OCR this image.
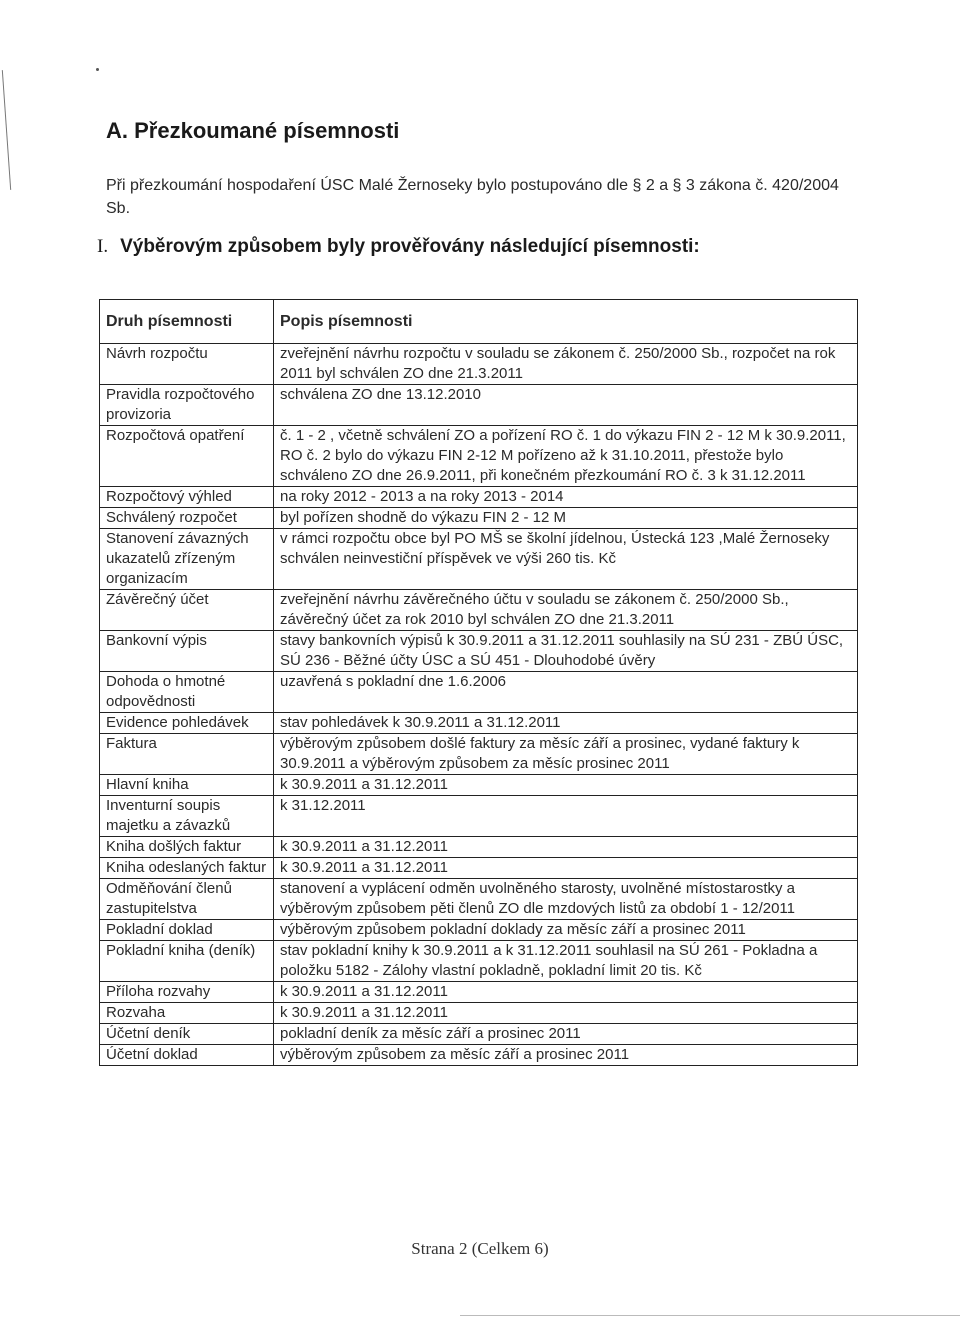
A. Přezkoumané písemnosti
Při přezkoumání hospodaření ÚSC Malé Žernoseky bylo postupováno dle § 2 a § 3 zákona č. 420/2004 Sb.
I. Výběrovým způsobem byly prověřovány následující písemnosti:
Druh písemnosti	Popis písemnosti
Návrh rozpočtu	zveřejnění návrhu rozpočtu v souladu se zákonem č. 250/2000 Sb., rozpočet na rok 2011 byl schválen ZO dne 21.3.2011
Pravidla rozpočtového provizoria	schválena ZO dne 13.12.2010
Rozpočtová opatření	č. 1 - 2 , včetně schválení ZO a pořízení RO č. 1 do výkazu FIN 2 - 12 M k 30.9.2011, RO č. 2 bylo do výkazu FIN 2-12 M pořízeno až k 31.10.2011, přestože bylo schváleno ZO dne 26.9.2011, při konečném přezkoumání RO č. 3 k 31.12.2011
Rozpočtový výhled	na roky 2012 - 2013 a na roky 2013 - 2014
Schválený rozpočet	byl pořízen shodně do výkazu FIN 2 - 12 M
Stanovení závazných ukazatelů zřízeným organizacím	v rámci rozpočtu obce byl PO MŠ se školní jídelnou, Ústecká 123 ,Malé Žernoseky schválen neinvestiční příspěvek ve výši 260 tis. Kč
Závěrečný účet	zveřejnění návrhu závěrečného účtu v souladu se zákonem č. 250/2000 Sb., závěrečný účet za rok 2010 byl schválen ZO dne 21.3.2011
Bankovní výpis	stavy bankovních výpisů k 30.9.2011 a 31.12.2011 souhlasily na SÚ 231 - ZBÚ ÚSC, SÚ 236 - Běžné účty ÚSC a SÚ 451 - Dlouhodobé úvěry
Dohoda o hmotné odpovědnosti	uzavřená s pokladní dne 1.6.2006
Evidence pohledávek	stav pohledávek k 30.9.2011 a 31.12.2011
Faktura	výběrovým způsobem došlé faktury za měsíc září a prosinec, vydané faktury k 30.9.2011 a výběrovým způsobem za měsíc prosinec 2011
Hlavní kniha	k 30.9.2011 a 31.12.2011
Inventurní soupis majetku a závazků	k 31.12.2011
Kniha došlých faktur	k 30.9.2011 a 31.12.2011
Kniha odeslaných faktur	k 30.9.2011 a 31.12.2011
Odměňování členů zastupitelstva	stanovení a vyplácení odměn uvolněného starosty, uvolněné místostarostky a výběrovým způsobem pěti členů ZO dle mzdových listů za období 1 - 12/2011
Pokladní doklad	výběrovým způsobem pokladní doklady za měsíc září a prosinec 2011
Pokladní kniha (deník)	stav pokladní knihy k 30.9.2011 a k 31.12.2011 souhlasil na SÚ 261 - Pokladna a položku 5182 - Zálohy vlastní pokladně, pokladní limit 20 tis. Kč
Příloha rozvahy	k 30.9.2011 a 31.12.2011
Rozvaha	k 30.9.2011 a 31.12.2011
Účetní deník	pokladní deník za měsíc září a prosinec 2011
Účetní doklad	výběrovým způsobem za měsíc září a prosinec 2011
Strana 2 (Celkem 6)
